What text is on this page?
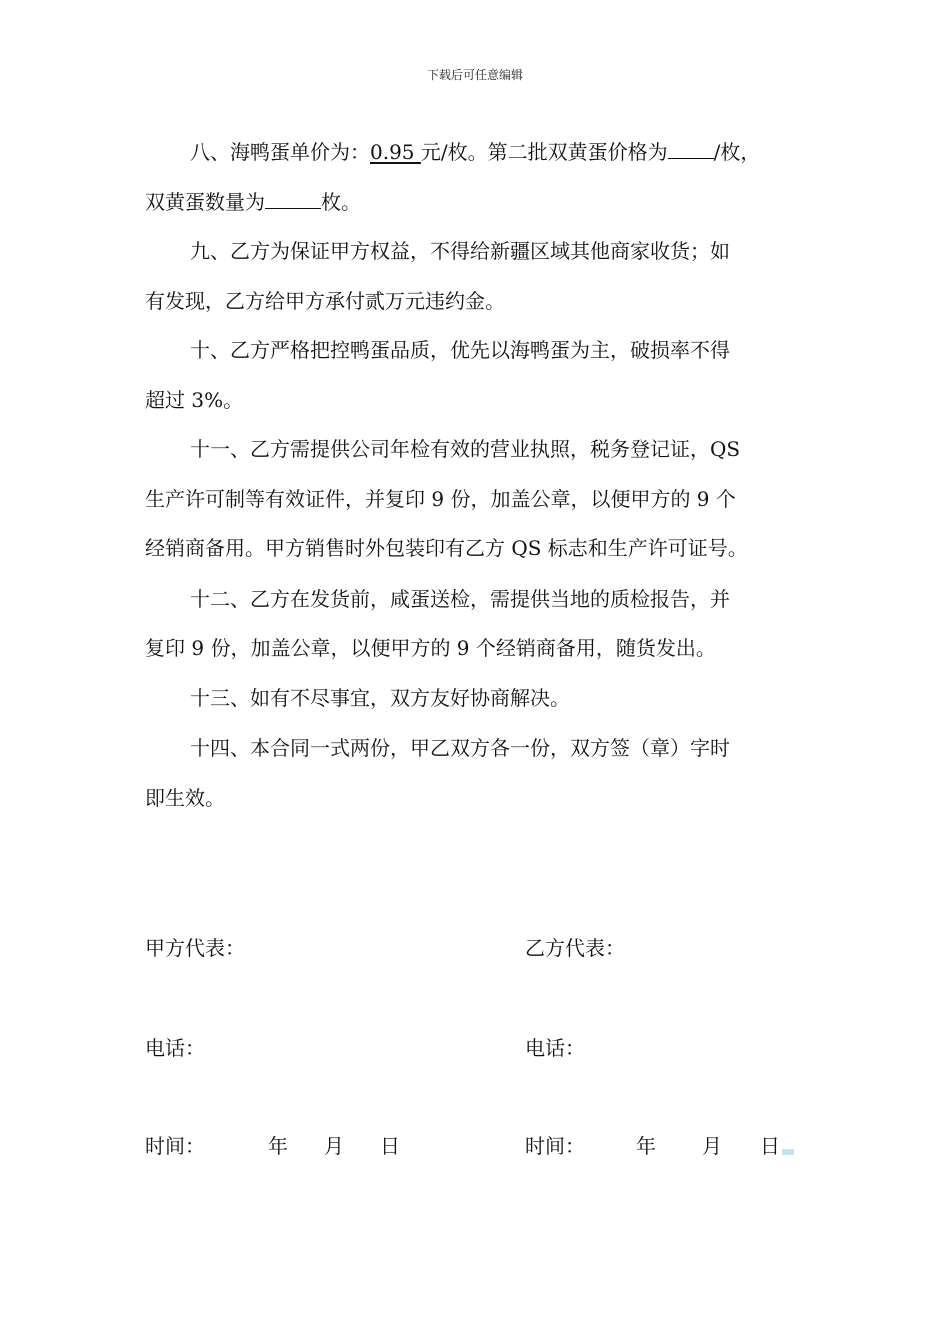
下载后可任意编辑
八、海鸭蛋单价为：0.95 元/枚。第二批双黄蛋价格为 /枚，
双黄蛋数量为	枚。
九、乙方为保证甲方权益，不得给新疆区域其他商家收货；如
有发现，乙方给甲方承付贰万元违约金。
十、乙方严格把控鸭蛋品质，优先以海鸭蛋为主，破损率不得
超过 3%。
十一、乙方需提供公司年检有效的营业执照，税务登记证，QS
生产许可制等有效证件，并复印 9 份，加盖公章，以便甲方的 9 个
经销商备用。甲方销售时外包装印有乙方 QS 标志和生产许可证号。
十二、乙方在发货前，咸蛋送检，需提供当地的质检报告，并
复印 9 份，加盖公章，以便甲方的 9 个经销商备用，随货发出。
十三、如有不尽事宜，双方友好协商解决。
十四、本合同一式两份，甲乙双方各一份，双方签（章）字时
即生效。
甲方代表：	乙方代表：
电话：	电话：
时间：	年 月 日	时间：	年 月 日
